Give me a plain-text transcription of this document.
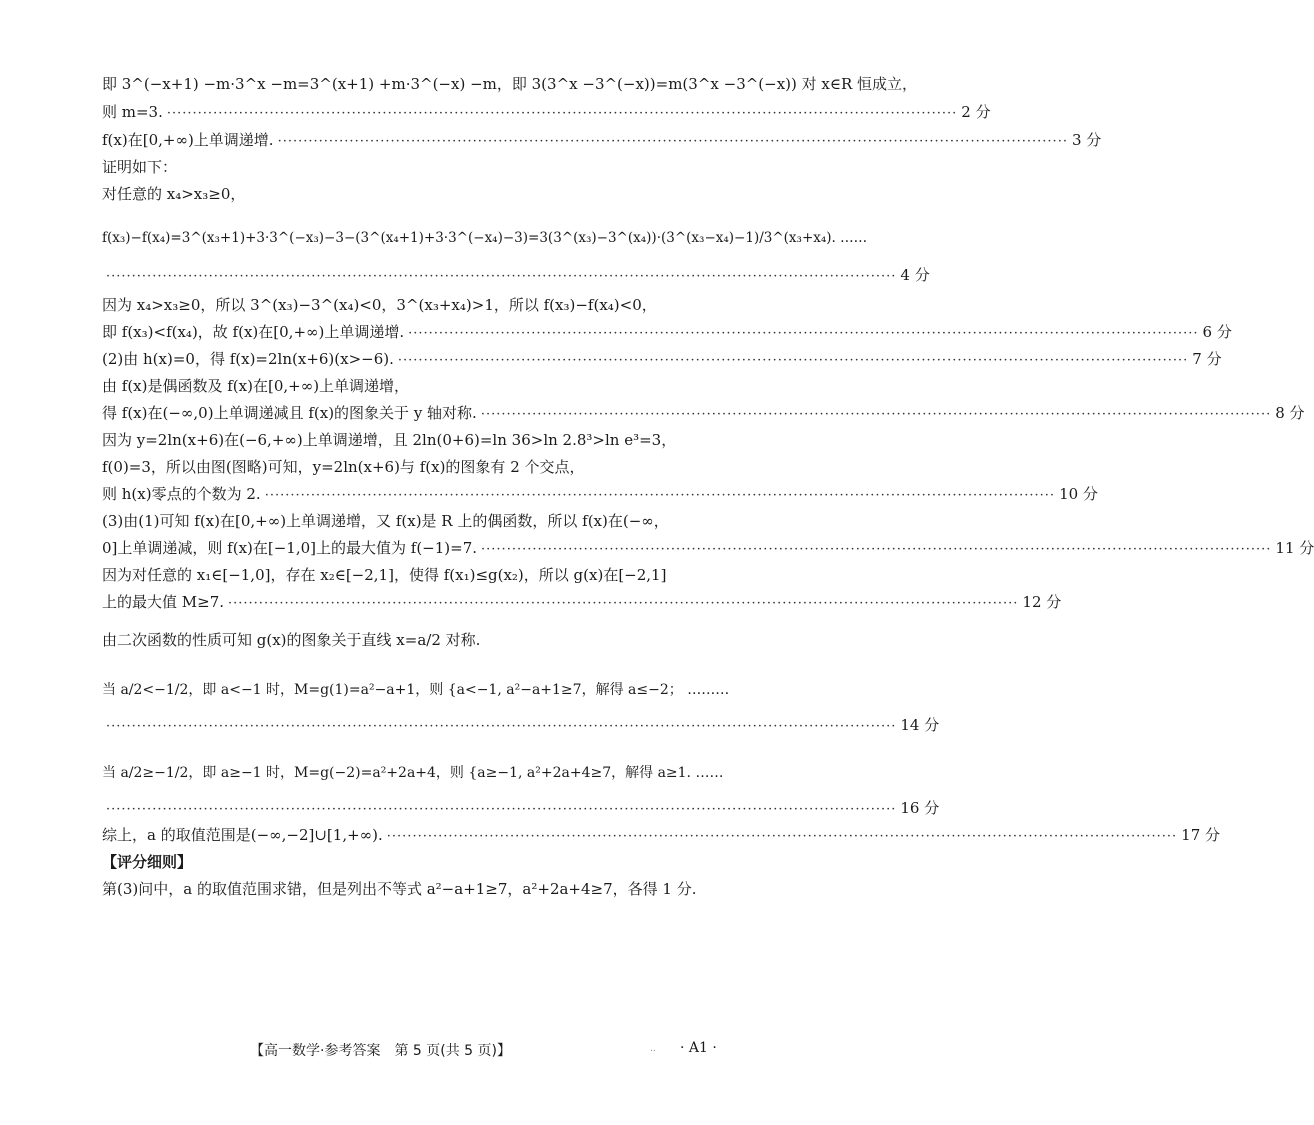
即 3^(−x+1) −m·3^x −m=3^(x+1) +m·3^(−x) −m，即 3(3^x −3^(−x))=m(3^x −3^(−x)) 对 x∈R 恒成立，
则 m=3. ·····	2 分
f(x)在[0,+∞)上单调递增. ·····	3 分
证明如下：
对任意的 x₄>x₃≥0，
f(x₃)−f(x₄)=3^(x₃+1)+3·3^(−x₃)−3−(3^(x₄+1)+3·3^(−x₄)−3)=3(3^(x₃)−3^(x₄))·(3^(x₃−x₄)−1)/3^(x₃+x₄). ……
·····
4 分
因为 x₄>x₃≥0，所以 3^(x₃)−3^(x₄)<0，3^(x₃+x₄)>1，所以 f(x₃)−f(x₄)<0，
即 f(x₃)<f(x₄)，故 f(x)在[0,+∞)上单调递增. ·····	6 分
(2)由 h(x)=0，得 f(x)=2ln(x+6)(x>−6). ·····	7 分
由 f(x)是偶函数及 f(x)在[0,+∞)上单调递增，
得 f(x)在(−∞,0)上单调递减且 f(x)的图象关于 y 轴对称. ·····	8 分
因为 y=2ln(x+6)在(−6,+∞)上单调递增，且 2ln(0+6)=ln 36>ln 2.8³>ln e³=3，
f(0)=3，所以由图(图略)可知，y=2ln(x+6)与 f(x)的图象有 2 个交点，
则 h(x)零点的个数为 2. ·····	10 分
(3)由(1)可知 f(x)在[0,+∞)上单调递增，又 f(x)是 R 上的偶函数，所以 f(x)在(−∞，
0]上单调递减，则 f(x)在[−1,0]上的最大值为 f(−1)=7. ·····	11 分
因为对任意的 x₁∈[−1,0]，存在 x₂∈[−2,1]，使得 f(x₁)≤g(x₂)，所以 g(x)在[−2,1]
上的最大值 M≥7. ·····	12 分
由二次函数的性质可知 g(x)的图象关于直线 x=a/2 对称.
当 a/2<−1/2，即 a<−1 时，M=g(1)=a²−a+1，则 {a<−1, a²−a+1≥7，解得 a≤−2； ………
·····
14 分
当 a/2≥−1/2，即 a≥−1 时，M=g(−2)=a²+2a+4，则 {a≥−1, a²+2a+4≥7，解得 a≥1. ……
·····
16 分
综上，a 的取值范围是(−∞,−2]∪[1,+∞). ·····	17 分
【评分细则】
第(3)问中，a 的取值范围求错，但是列出不等式 a²−a+1≥7，a²+2a+4≥7，各得 1 分.
【高一数学·参考答案　第 5 页(共 5 页)】	.. · A1 ·
